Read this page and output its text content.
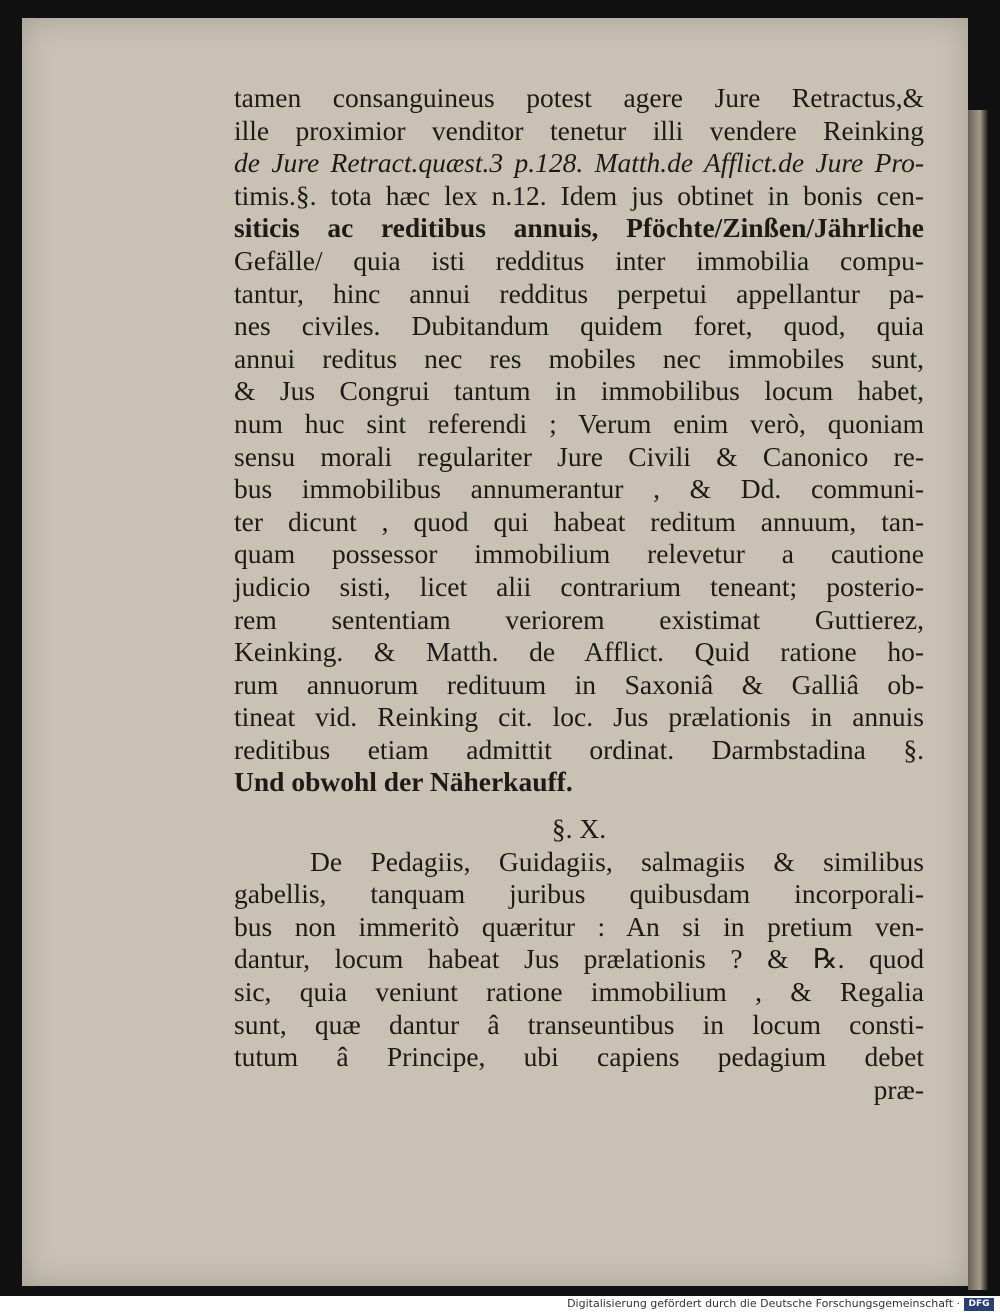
tamen consanguineus potest agere Jure Retractus,&
ille proximior venditor tenetur illi vendere Reinking
de Jure Retract.quæst.3 p.128. Matth.de Afflict.de Jure Pro-
timis.§. tota hæc lex n.12. Idem jus obtinet in bonis cen-
siticis ac reditibus annuis, Pföchte/Zinßen/Jährliche
Gefälle/ quia isti redditus inter immobilia compu-
tantur, hinc annui redditus perpetui appellantur pa-
nes civiles. Dubitandum quidem foret, quod, quia
annui reditus nec res mobiles nec immobiles sunt,
& Jus Congrui tantum in immobilibus locum habet,
num huc sint referendi ; Verum enim verò, quoniam
sensu morali regulariter Jure Civili & Canonico re-
bus immobilibus annumerantur , & Dd. communi-
ter dicunt , quod qui habeat reditum annuum, tan-
quam possessor immobilium relevetur a cautione
judicio sisti, licet alii contrarium teneant; posterio-
rem sententiam veriorem existimat Guttierez,
Keinking. & Matth. de Afflict. Quid ratione ho-
rum annuorum redituum in Saxoniâ & Galliâ ob-
tineat vid. Reinking cit. loc. Jus prælationis in annuis
reditibus etiam admittit ordinat. Darmbstadina §.
Und obwohl der Näherkauff.
§. X.
De Pedagiis, Guidagiis, salmagiis & similibus
gabellis, tanquam juribus quibusdam incorporali-
bus non immeritò quæritur : An si in pretium ven-
dantur, locum habeat Jus prælationis ? & ℞. quod
sic, quia veniunt ratione immobilium , & Regalia
sunt, quæ dantur â transeuntibus in locum consti-
tutum â Principe, ubi capiens pedagium debet
præ-
Digitalisierung gefördert durch die Deutsche Forschungsgemeinschaft · DFG
